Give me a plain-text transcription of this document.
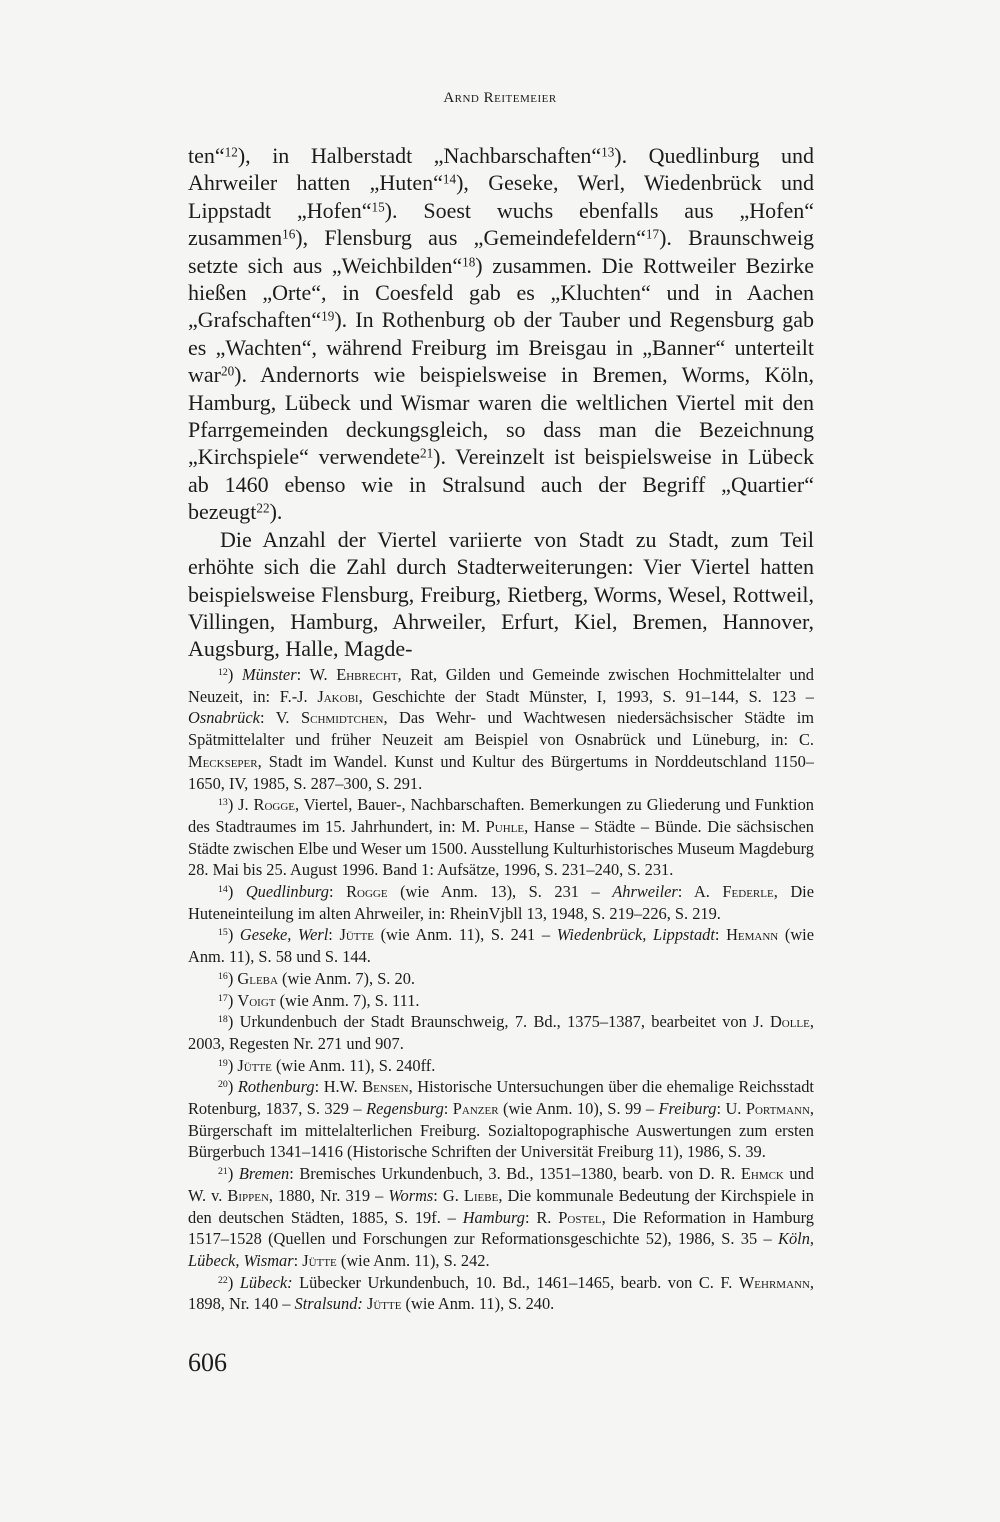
Arnd Reitemeier

ten“$^{12}$), in Halberstadt „Nachbarschaften“$^{13}$). Quedlinburg und Ahrweiler hatten „Huten“$^{14}$), Geseke, Werl, Wiedenbrück und Lippstadt „Hofen“$^{15}$). Soest wuchs ebenfalls aus „Hofen“ zusammen$^{16}$), Flensburg aus „Gemeindefeldern“$^{17}$). Braunschweig setzte sich aus „Weichbilden“$^{18}$) zusammen. Die Rottweiler Bezirke hießen „Orte“, in Coesfeld gab es „Kluchten“ und in Aachen „Grafschaften“$^{19}$). In Rothenburg ob der Tauber und Regensburg gab es „Wachten“, während Freiburg im Breisgau in „Banner“ unterteilt war$^{20}$). Andernorts wie beispielsweise in Bremen, Worms, Köln, Hamburg, Lübeck und Wismar waren die weltlichen Viertel mit den Pfarrgemeinden deckungsgleich, so dass man die Bezeichnung „Kirchspiele“ verwendete$^{21}$). Vereinzelt ist beispielsweise in Lübeck ab 1460 ebenso wie in Stralsund auch der Begriff „Quartier“ bezeugt$^{22}$).

Die Anzahl der Viertel variierte von Stadt zu Stadt, zum Teil erhöhte sich die Zahl durch Stadterweiterungen: Vier Viertel hatten beispielsweise Flensburg, Freiburg, Rietberg, Worms, Wesel, Rottweil, Villingen, Hamburg, Ahrweiler, Erfurt, Kiel, Bremen, Hannover, Augsburg, Halle, Magde-

$^{12}$) Münster: W. Ehbrecht, Rat, Gilden und Gemeinde zwischen Hochmittelalter und Neuzeit, in: F.-J. Jakobi, Geschichte der Stadt Münster, I, 1993, S. 91–144, S. 123 – Osnabrück: V. Schmidtchen, Das Wehr- und Wachtwesen niedersächsischer Städte im Spätmittelalter und früher Neuzeit am Beispiel von Osnabrück und Lüneburg, in: C. Meckseper, Stadt im Wandel. Kunst und Kultur des Bürgertums in Norddeutschland 1150–1650, IV, 1985, S. 287–300, S. 291.

$^{13}$) J. Rogge, Viertel, Bauer-, Nachbarschaften. Bemerkungen zu Gliederung und Funktion des Stadtraumes im 15. Jahrhundert, in: M. Puhle, Hanse – Städte – Bünde. Die sächsischen Städte zwischen Elbe und Weser um 1500. Ausstellung Kulturhistorisches Museum Magdeburg 28. Mai bis 25. August 1996. Band 1: Aufsätze, 1996, S. 231–240, S. 231.

$^{14}$) Quedlinburg: Rogge (wie Anm. 13), S. 231 – Ahrweiler: A. Federle, Die Huteneinteilung im alten Ahrweiler, in: RheinVjbll 13, 1948, S. 219–226, S. 219.

$^{15}$) Geseke, Werl: Jütte (wie Anm. 11), S. 241 – Wiedenbrück, Lippstadt: Hemann (wie Anm. 11), S. 58 und S. 144.

$^{16}$) Gleba (wie Anm. 7), S. 20.

$^{17}$) Voigt (wie Anm. 7), S. 111.

$^{18}$) Urkundenbuch der Stadt Braunschweig, 7. Bd., 1375–1387, bearbeitet von J. Dolle, 2003, Regesten Nr. 271 und 907.

$^{19}$) Jütte (wie Anm. 11), S. 240ff.

$^{20}$) Rothenburg: H.W. Bensen, Historische Untersuchungen über die ehemalige Reichsstadt Rotenburg, 1837, S. 329 – Regensburg: Panzer (wie Anm. 10), S. 99 – Freiburg: U. Portmann, Bürgerschaft im mittelalterlichen Freiburg. Sozialtopographische Auswertungen zum ersten Bürgerbuch 1341–1416 (Historische Schriften der Universität Freiburg 11), 1986, S. 39.

$^{21}$) Bremen: Bremisches Urkundenbuch, 3. Bd., 1351–1380, bearb. von D. R. Ehmck und W. v. Bippen, 1880, Nr. 319 – Worms: G. Liebe, Die kommunale Bedeutung der Kirchspiele in den deutschen Städten, 1885, S. 19f. – Hamburg: R. Postel, Die Reformation in Hamburg 1517–1528 (Quellen und Forschungen zur Reformationsgeschichte 52), 1986, S. 35 – Köln, Lübeck, Wismar: Jütte (wie Anm. 11), S. 242.

$^{22}$) Lübeck: Lübecker Urkundenbuch, 10. Bd., 1461–1465, bearb. von C. F. Wehrmann, 1898, Nr. 140 – Stralsund: Jütte (wie Anm. 11), S. 240.

606
